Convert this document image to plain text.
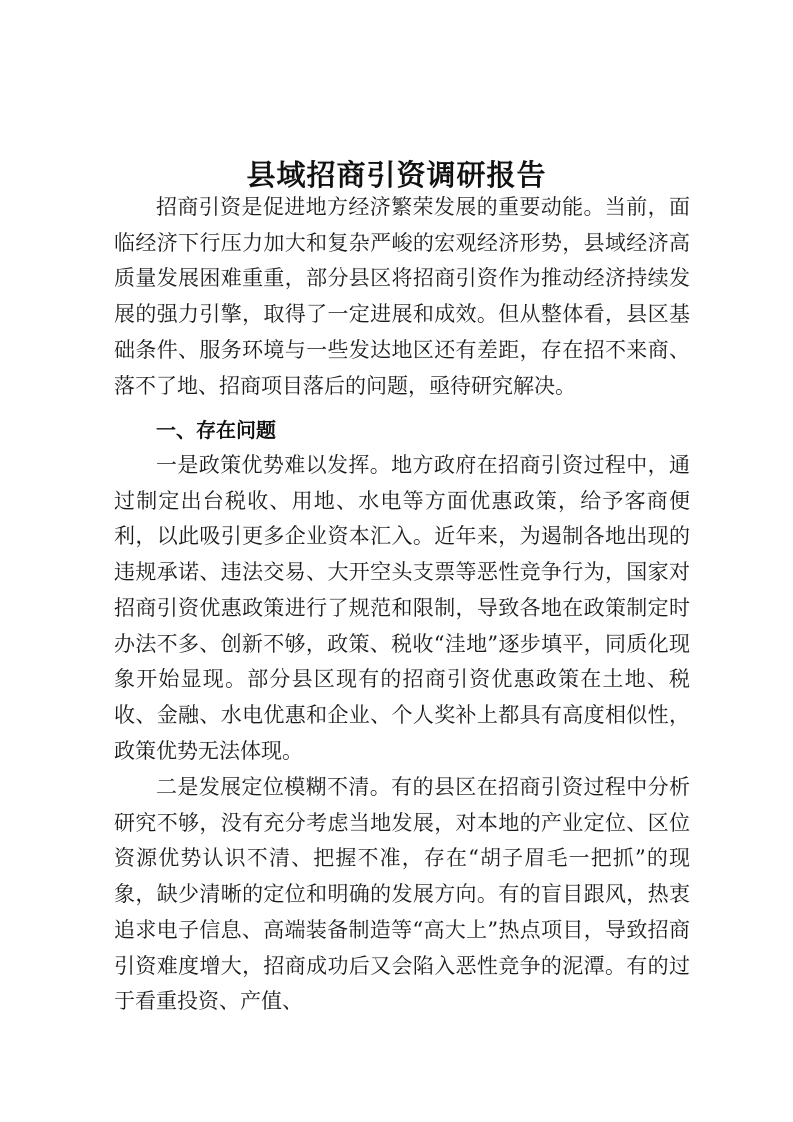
县域招商引资调研报告

招商引资是促进地方经济繁荣发展的重要动能。当前，面临经济下行压力加大和复杂严峻的宏观经济形势，县域经济高质量发展困难重重，部分县区将招商引资作为推动经济持续发展的强力引擎，取得了一定进展和成效。但从整体看，县区基础条件、服务环境与一些发达地区还有差距，存在招不来商、落不了地、招商项目落后的问题，亟待研究解决。

一、存在问题

一是政策优势难以发挥。地方政府在招商引资过程中，通过制定出台税收、用地、水电等方面优惠政策，给予客商便利，以此吸引更多企业资本汇入。近年来，为遏制各地出现的违规承诺、违法交易、大开空头支票等恶性竞争行为，国家对招商引资优惠政策进行了规范和限制，导致各地在政策制定时办法不多、创新不够，政策、税收“洼地”逐步填平，同质化现象开始显现。部分县区现有的招商引资优惠政策在土地、税收、金融、水电优惠和企业、个人奖补上都具有高度相似性，政策优势无法体现。

二是发展定位模糊不清。有的县区在招商引资过程中分析研究不够，没有充分考虑当地发展，对本地的产业定位、区位资源优势认识不清、把握不准，存在“胡子眉毛一把抓”的现象，缺少清晰的定位和明确的发展方向。有的盲目跟风，热衷追求电子信息、高端装备制造等“高大上”热点项目，导致招商引资难度增大，招商成功后又会陷入恶性竞争的泥潭。有的过于看重投资、产值、
